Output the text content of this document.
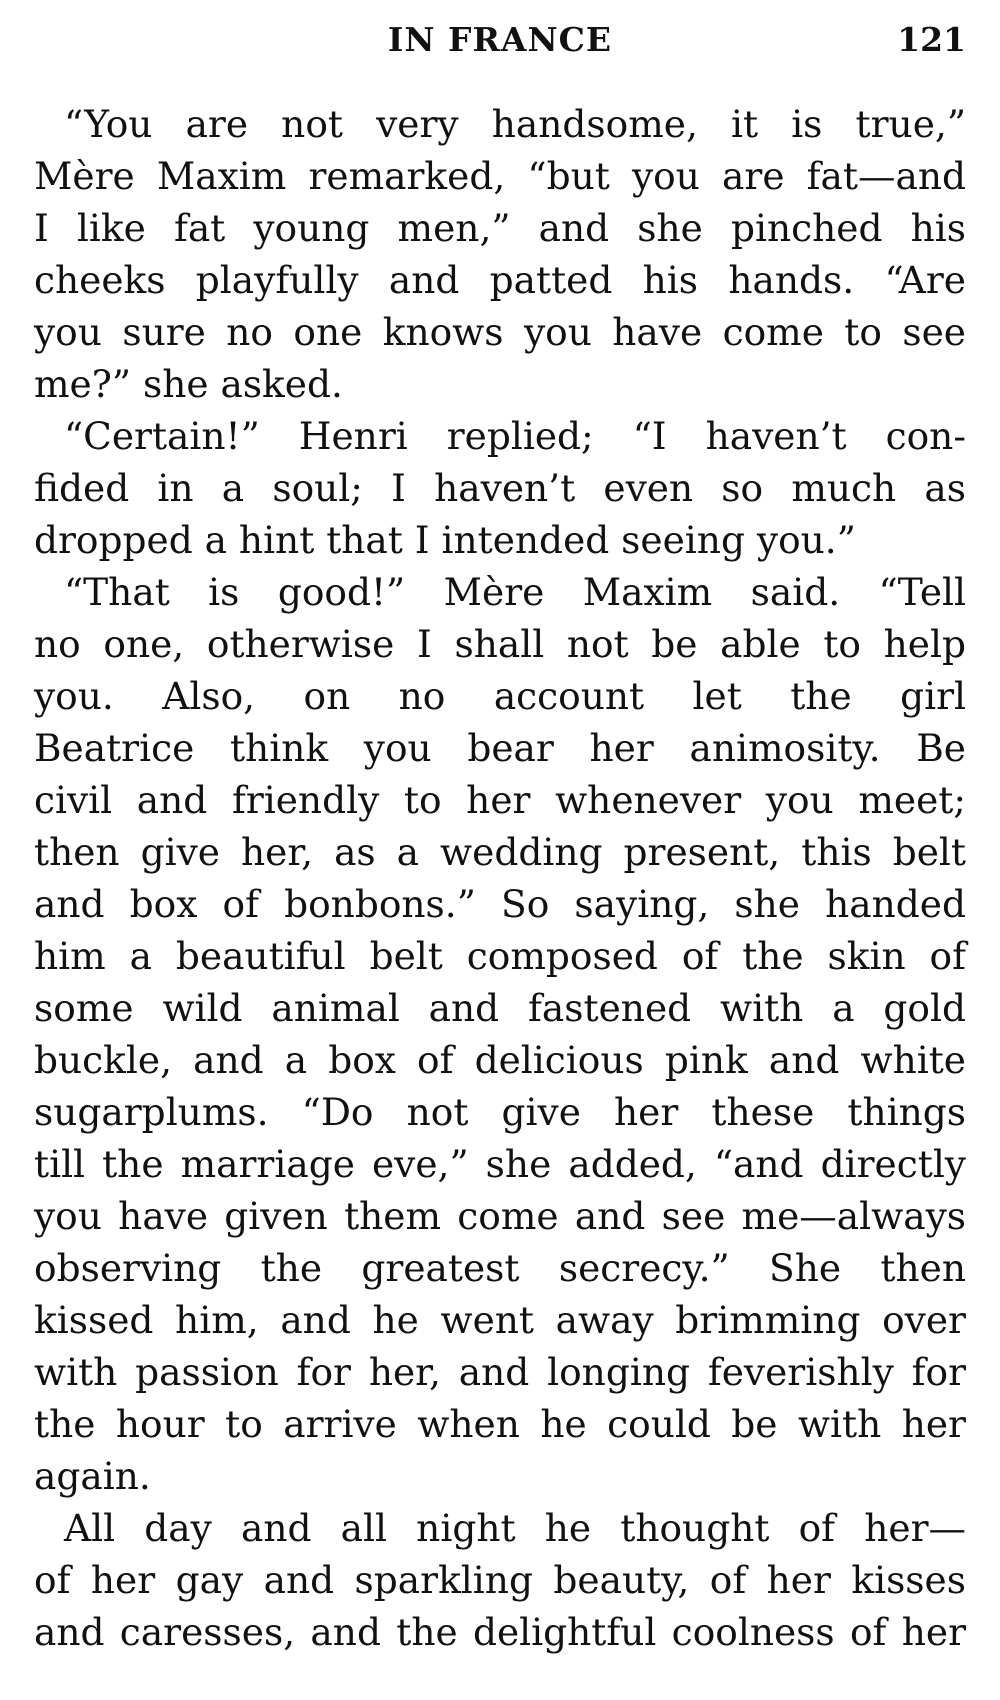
IN FRANCE	121
“You are not very handsome, it is true,”
Mère Maxim remarked, “but you are fat—and
I like fat young men,” and she pinched his
cheeks playfully and patted his hands. “Are
you sure no one knows you have come to see
me?” she asked.
“Certain!” Henri replied; “I haven’t con-
fided in a soul; I haven’t even so much as
dropped a hint that I intended seeing you.”
“That is good!” Mère Maxim said. “Tell
no one, otherwise I shall not be able to help
you. Also, on no account let the girl
Beatrice think you bear her animosity. Be
civil and friendly to her whenever you meet;
then give her, as a wedding present, this belt
and box of bonbons.” So saying, she handed
him a beautiful belt composed of the skin of
some wild animal and fastened with a gold
buckle, and a box of delicious pink and white
sugarplums. “Do not give her these things
till the marriage eve,” she added, “and directly
you have given them come and see me—always
observing the greatest secrecy.” She then
kissed him, and he went away brimming over
with passion for her, and longing feverishly for
the hour to arrive when he could be with her
again.
All day and all night he thought of her—
of her gay and sparkling beauty, of her kisses
and caresses, and the delightful coolness of her
